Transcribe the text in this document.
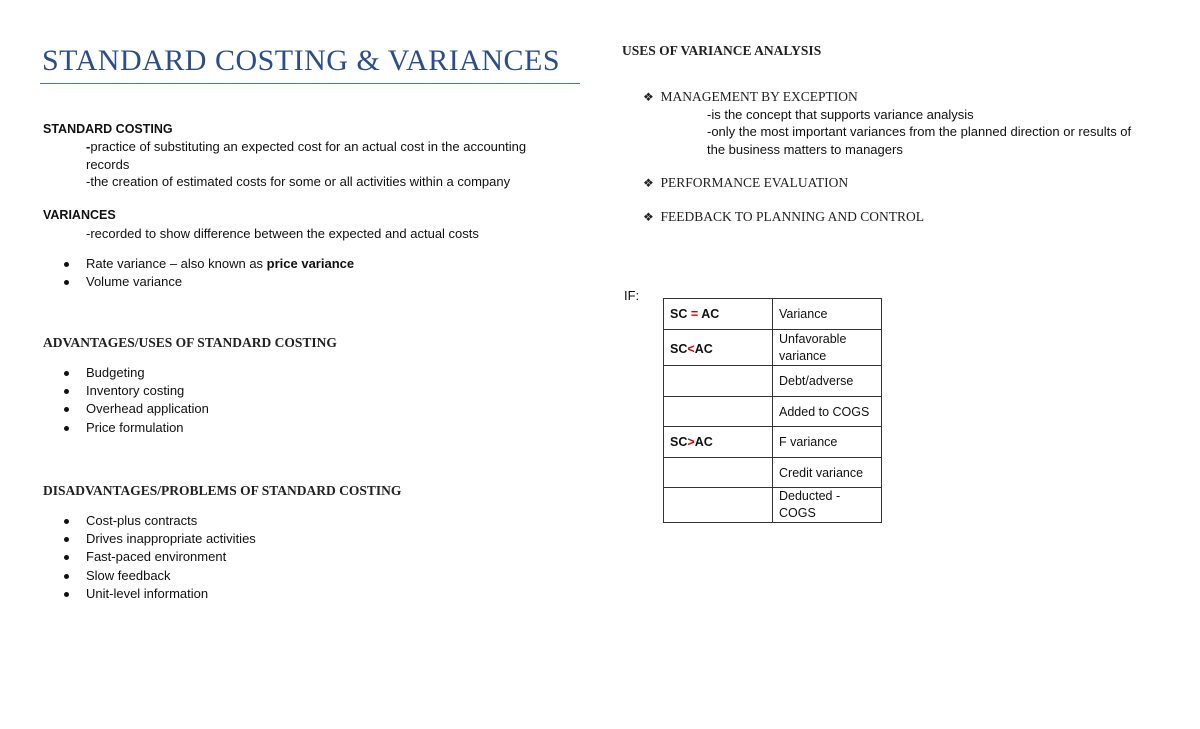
STANDARD COSTING & VARIANCES
STANDARD COSTING
-practice of substituting an expected cost for an actual cost in the accounting
records
-the creation of estimated costs for some or all activities within a company
VARIANCES
-recorded to show difference between the expected and actual costs
Rate variance – also known as price variance
Volume variance
ADVANTAGES/USES OF STANDARD COSTING
Budgeting
Inventory costing
Overhead application
Price formulation
DISADVANTAGES/PROBLEMS OF STANDARD COSTING
Cost-plus contracts
Drives inappropriate activities
Fast-paced environment
Slow feedback
Unit-level information
USES OF VARIANCE ANALYSIS
❖ MANAGEMENT BY EXCEPTION
-is the concept that supports variance analysis
-only the most important variances from the planned direction or results of
the business matters to managers
❖ PERFORMANCE EVALUATION
❖ FEEDBACK TO PLANNING AND CONTROL
IF:
SC = AC	Variance
SC<AC	Unfavorable
variance
	Debt/adverse
	Added to COGS
SC>AC	F variance
	Credit variance
	Deducted -
COGS
